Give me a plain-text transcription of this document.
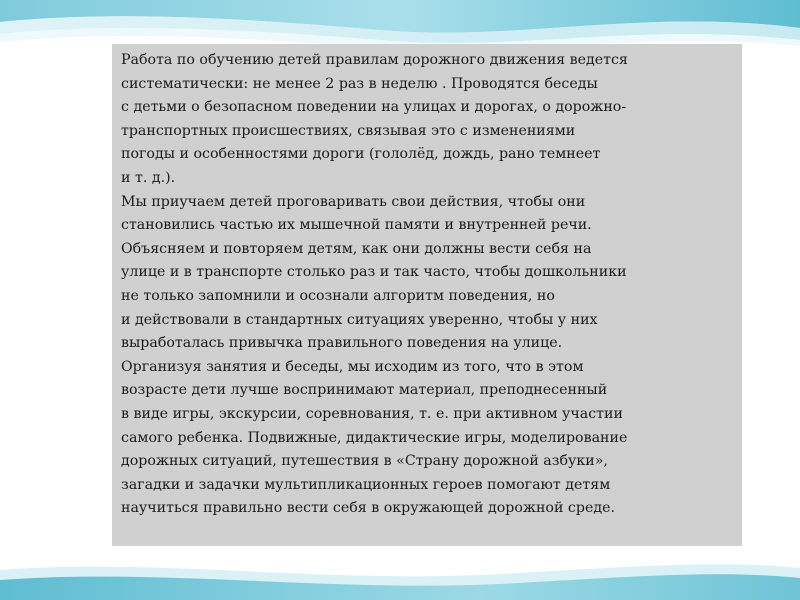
Работа по обучению детей правилам дорожного движения ведется
систематически: не менее 2 раз в неделю . Проводятся беседы
с детьми о безопасном поведении на улицах и дорогах, о дорожно-
транспортных происшествиях, связывая это с изменениями
погоды и особенностями дороги (гололёд, дождь, рано темнеет
и т. д.).
Мы приучаем детей проговаривать свои действия, чтобы они
становились частью их мышечной памяти и внутренней речи.
Объясняем и повторяем детям, как они должны вести себя на
улице и в транспорте столько раз и так часто, чтобы дошкольники
не только запомнили и осознали алгоритм поведения, но
и действовали в стандартных ситуациях уверенно, чтобы у них
выработалась привычка правильного поведения на улице.
Организуя занятия и беседы, мы исходим из того, что в этом
возрасте дети лучше воспринимают материал, преподнесенный
в виде игры, экскурсии, соревнования, т. е. при активном участии
самого ребенка. Подвижные, дидактические игры, моделирование
дорожных ситуаций, путешествия в «Страну дорожной азбуки»,
загадки и задачки мультипликационных героев помогают детям
научиться правильно вести себя в окружающей дорожной среде.
